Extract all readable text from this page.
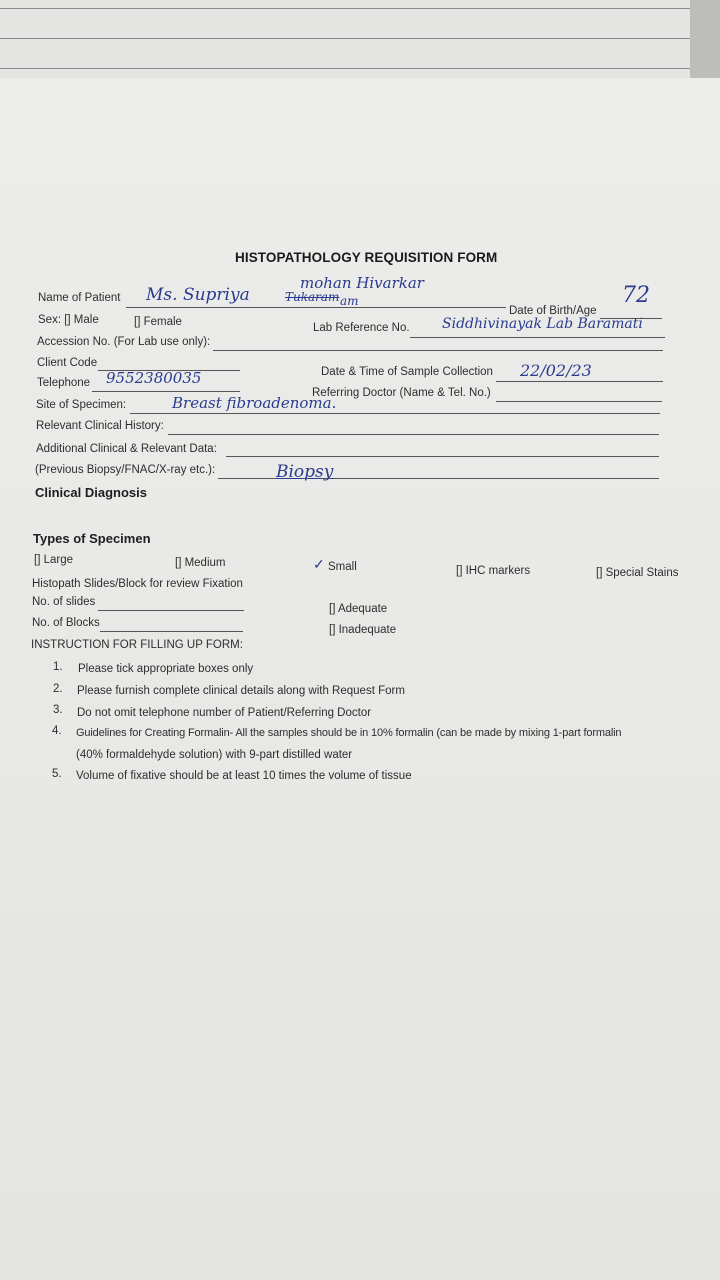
HISTOPATHOLOGY REQUISITION FORM
mohan Hivarkar
Name of Patient Ms. Supriya	Tukaram am
Date of Birth/Age
72
Sex: [] Male	[] Female	Lab Reference No. Siddhivinayak Lab Baramati
Accession No. (For Lab use only):
Client Code
Date & Time of Sample Collection 22/02/23
Telephone 9552380035
Referring Doctor (Name & Tel. No.)
Site of Specimen:	Breast fibroadenoma.
Relevant Clinical History:
Additional Clinical & Relevant Data:
(Previous Biopsy/FNAC/X-ray etc.):	Biopsy
Clinical Diagnosis
Types of Specimen
[] Large	[] Medium	✓ Small	[] IHC markers	[] Special Stains
Histopath Slides/Block for review Fixation
No. of slides
[] Adequate
No. of Blocks
[] Inadequate
INSTRUCTION FOR FILLING UP FORM:
1. Please tick appropriate boxes only
2. Please furnish complete clinical details along with Request Form
3. Do not omit telephone number of Patient/Referring Doctor
4. Guidelines for Creating Formalin- All the samples should be in 10% formalin (can be made by mixing 1-part formalin
(40% formaldehyde solution) with 9-part distilled water
5. Volume of fixative should be at least 10 times the volume of tissue
